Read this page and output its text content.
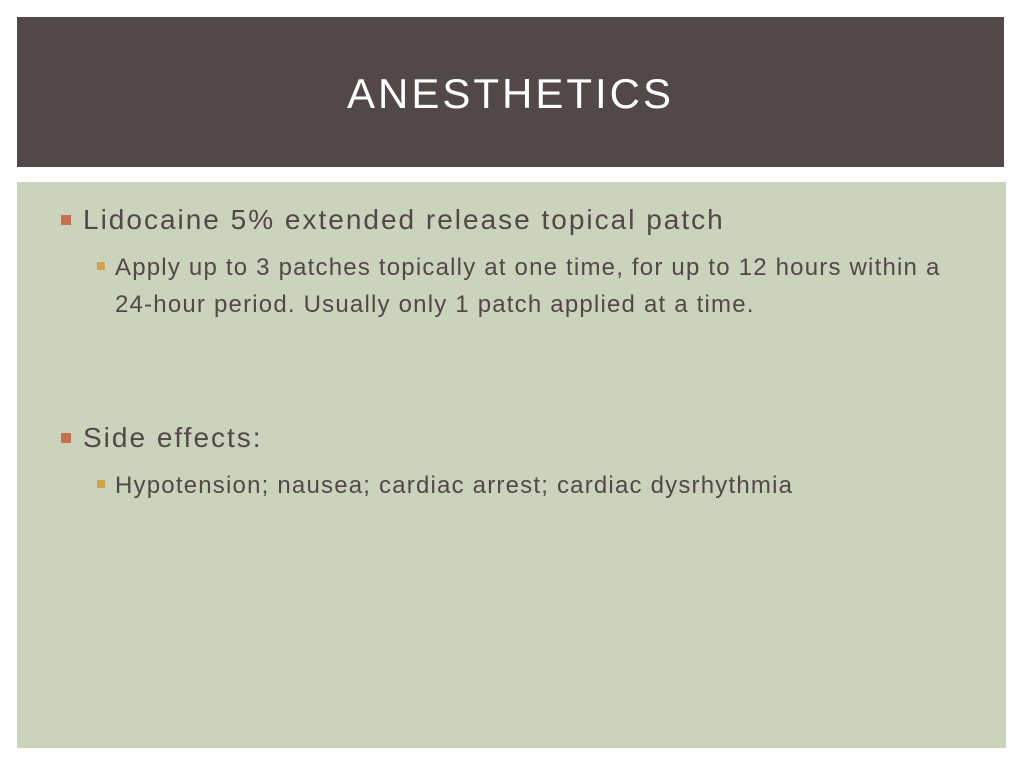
ANESTHETICS
Lidocaine 5% extended release topical patch
Apply up to 3 patches topically at one time, for up to 12 hours within a 24-hour period. Usually only 1 patch applied at a time.
Side effects:
Hypotension; nausea; cardiac arrest; cardiac dysrhythmia
